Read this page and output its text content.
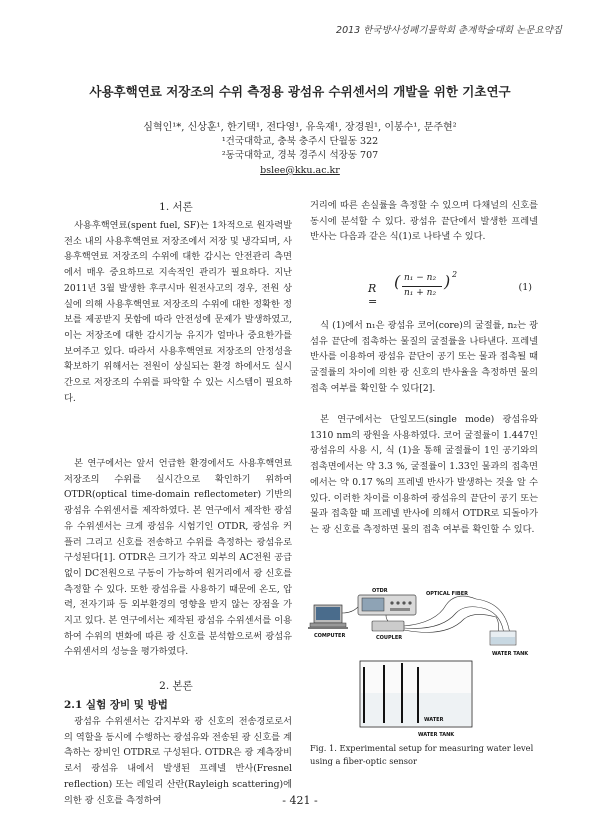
2013 한국방사성폐기물학회 춘계학술대회 논문요약집
사용후핵연료 저장조의 수위 측정용 광섬유 수위센서의 개발을 위한 기초연구
심혁인¹*, 신상훈¹, 한기택¹, 전다영¹, 유욱재¹, 장경원¹, 이봉수¹, 문주현²
¹건국대학교, 충북 충주시 단월동 322
²동국대학교, 경북 경주시 석장동 707
bslee@kku.ac.kr
1. 서론
사용후핵연료(spent fuel, SF)는 1차적으로 원자력발전소 내의 사용후핵연료 저장조에서 저장 및 냉각되며, 사용후핵연료 저장조의 수위에 대한 감시는 안전관리 측면에서 매우 중요하므로 지속적인 관리가 필요하다. 지난 2011년 3월 발생한 후쿠시마 원전사고의 경우, 전원 상실에 의해 사용후핵연료 저장조의 수위에 대한 정확한 정보를 제공받지 못함에 따라 안전성에 문제가 발생하였고, 이는 저장조에 대한 감시기능 유지가 얼마나 중요한가를 보여주고 있다. 따라서 사용후핵연료 저장조의 안정성을 확보하기 위해서는 전원이 상실되는 환경 하에서도 실시간으로 저장조의 수위를 파악할 수 있는 시스템이 필요하다.
본 연구에서는 앞서 언급한 환경에서도 사용후핵연료 저장조의 수위를 실시간으로 확인하기 위하여 OTDR(optical time-domain reflectometer) 기반의 광섬유 수위센서를 제작하였다. 본 연구에서 제작한 광섬유 수위센서는 크게 광섬유 시험기인 OTDR, 광섬유 커플러 그리고 신호를 전송하고 수위를 측정하는 광섬유로 구성된다[1]. OTDR은 크기가 작고 외부의 AC전원 공급 없이 DC전원으로 구동이 가능하여 원거리에서 광 신호를 측정할 수 있다. 또한 광섬유를 사용하기 때문에 온도, 압력, 전자기파 등 외부환경의 영향을 받지 않는 장점을 가지고 있다. 본 연구에서는 제작된 광섬유 수위센서를 이용하여 수위의 변화에 따른 광 신호를 분석함으로써 광섬유 수위센서의 성능을 평가하였다.
2. 본론
2.1 실험 장비 및 방법
광섬유 수위센서는 감지부와 광 신호의 전송경로로서의 역할을 동시에 수행하는 광섬유와 전송된 광 신호를 계측하는 장비인 OTDR로 구성된다. OTDR은 광 계측장비로서 광섬유 내에서 발생된 프레넬 반사(Fresnel reflection) 또는 레일리 산란(Rayleigh scattering)에 의한 광 신호를 측정하여
거리에 따른 손실률을 측정할 수 있으며 다채널의 신호를 동시에 분석할 수 있다. 광섬유 끝단에서 발생한 프레넬 반사는 다음과 같은 식(1)로 나타낼 수 있다.
R =
( n₁ − n₂
n₁ + n₂
) 2
(1)
식 (1)에서 n₁은 광섬유 코어(core)의 굴절률, n₂는 광섬유 끝단에 접촉하는 물질의 굴절률을 나타낸다. 프레넬 반사를 이용하여 광섬유 끝단이 공기 또는 물과 접촉될 때 굴절률의 차이에 의한 광 신호의 반사율을 측정하면 물의 접촉 여부를 확인할 수 있다[2].
본 연구에서는 단일모드(single mode) 광섬유와 1310 nm의 광원을 사용하였다. 코어 굴절률이 1.447인 광섬유의 사용 시, 식 (1)을 통해 굴절률이 1인 공기와의 접촉면에서는 약 3.3 %, 굴절률이 1.33인 물과의 접촉면에서는 약 0.17 %의 프레넬 반사가 발생하는 것을 알 수 있다. 이러한 차이를 이용하여 광섬유의 끝단이 공기 또는 물과 접촉할 때 프레넬 반사에 의해서 OTDR로 되돌아가는 광 신호를 측정하면 물의 접촉 여부를 확인할 수 있다.
OTDR
COMPUTER	COUPLER
OPTICAL FIBER
WATER TANK
WATER
WATER TANK
Fig. 1. Experimental setup for measuring water level using a fiber-optic sensor
- 421 -
